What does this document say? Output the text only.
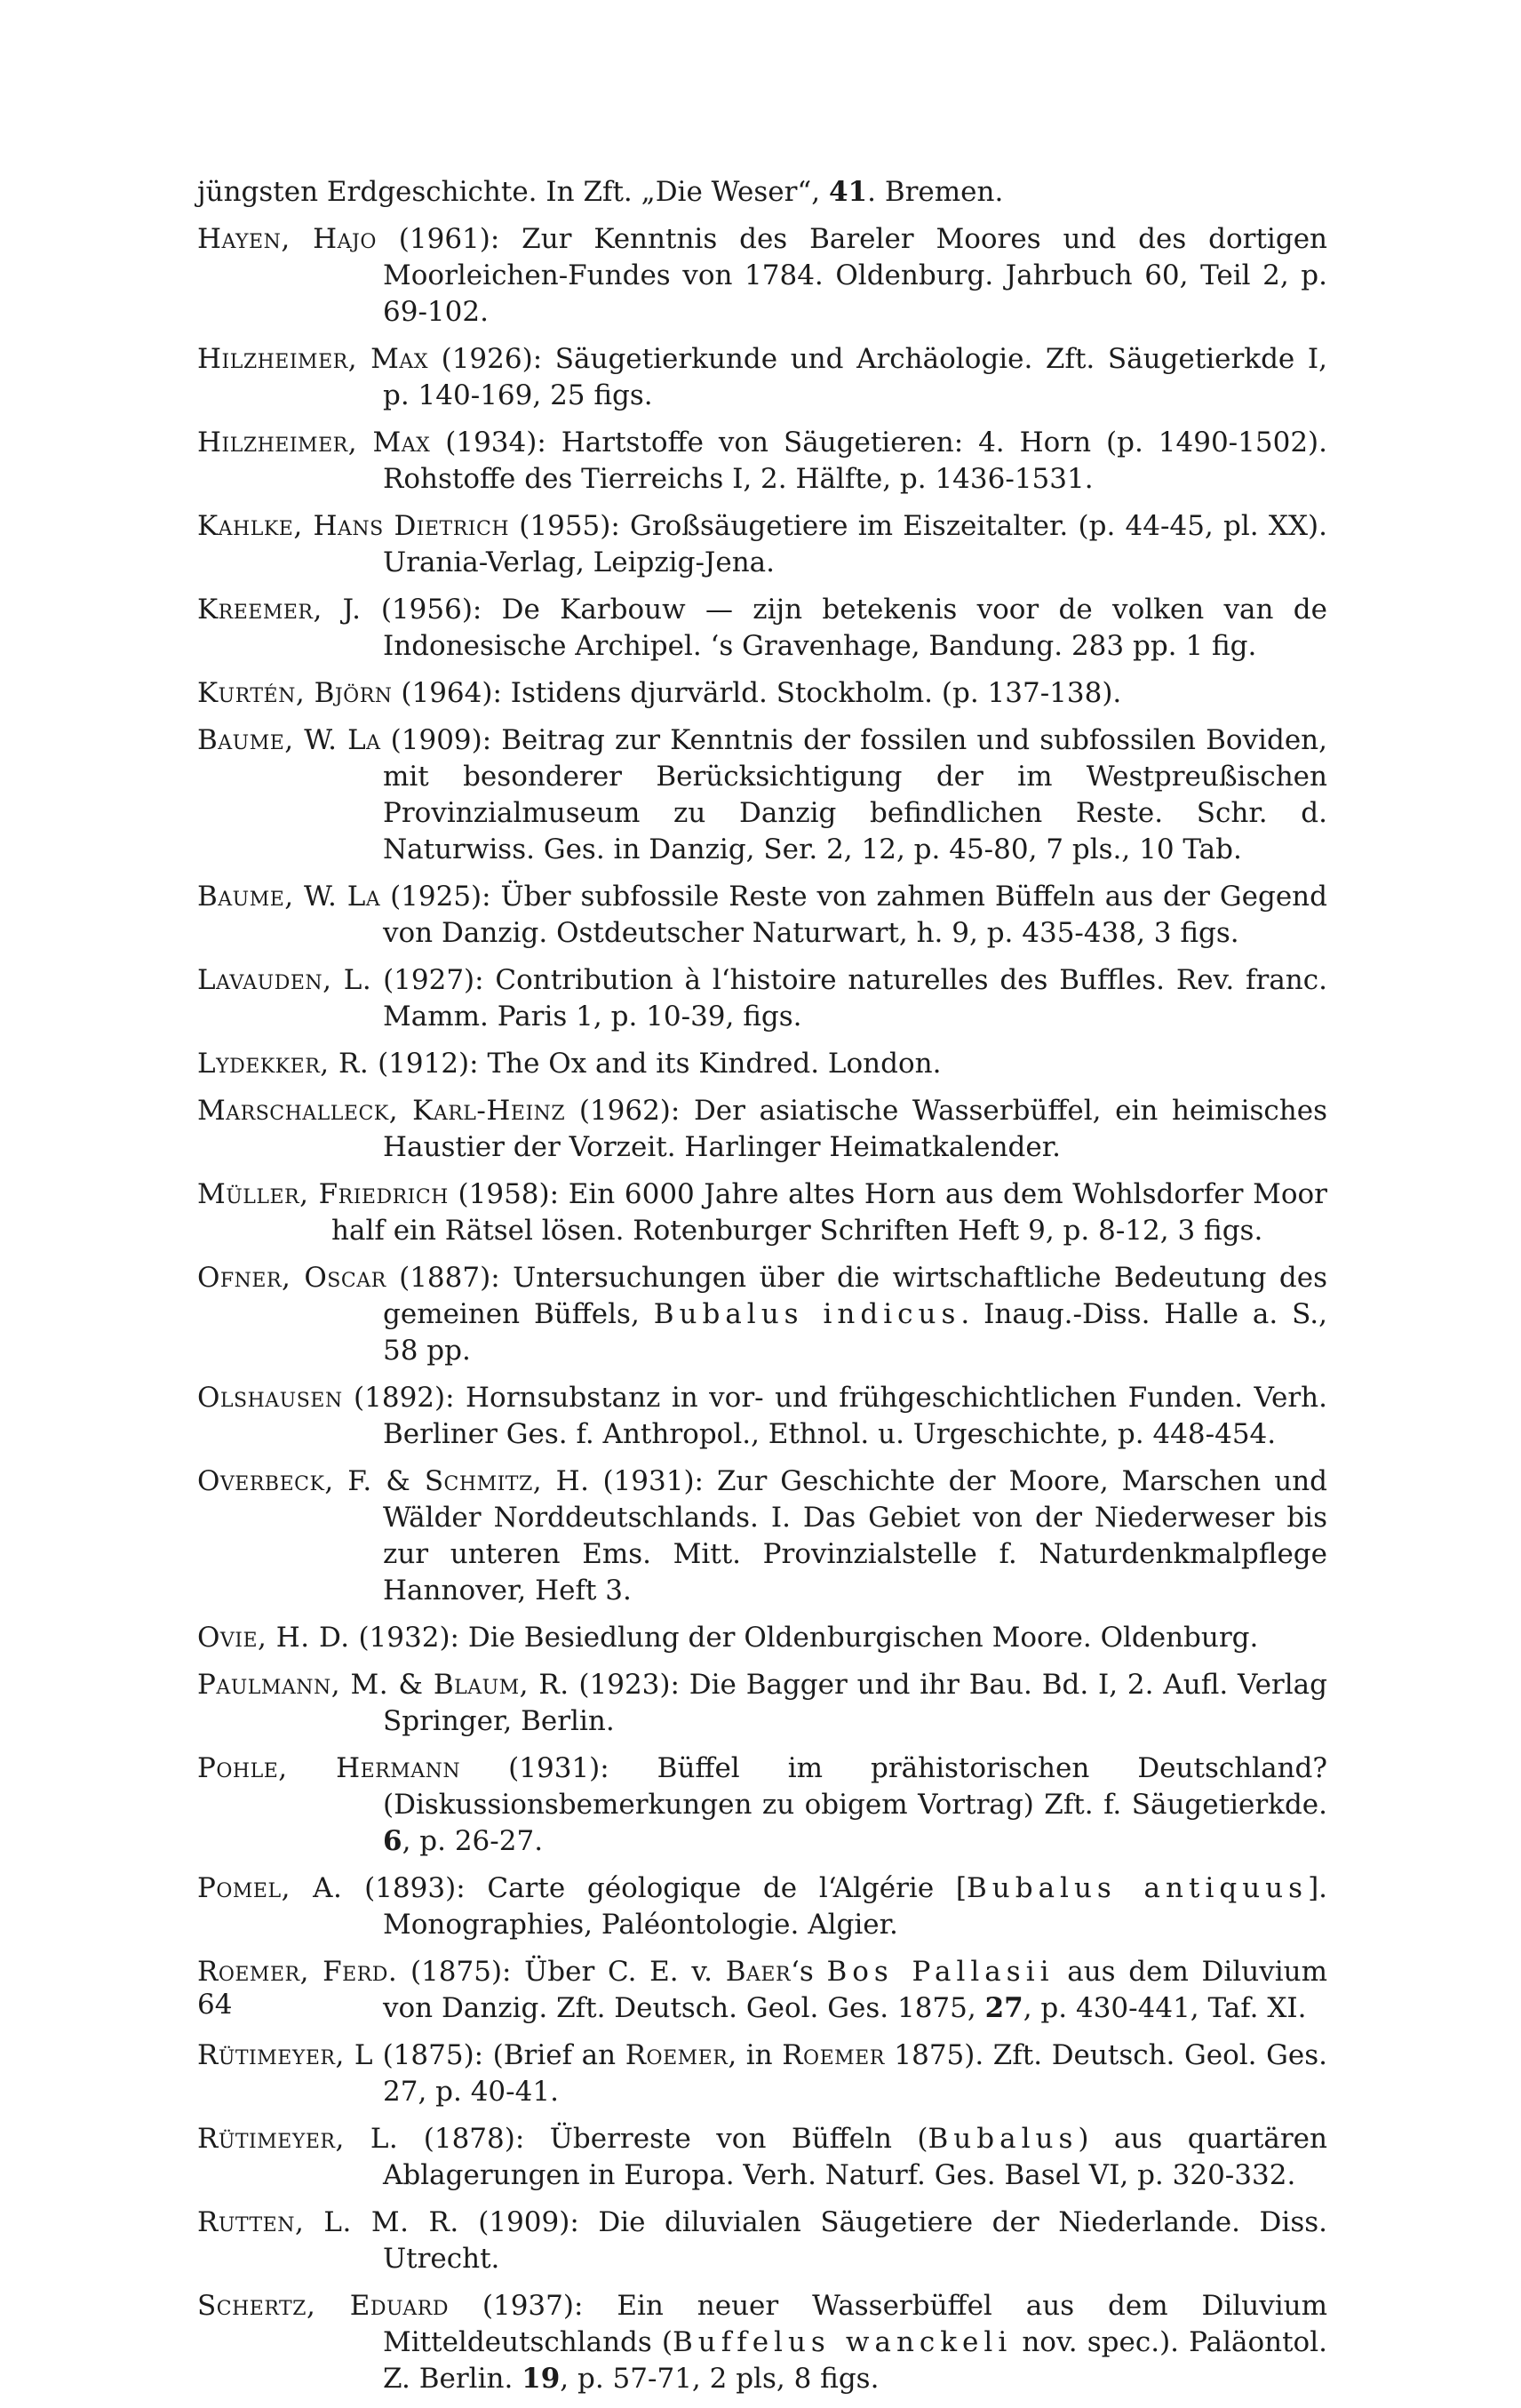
jüngsten Erdgeschichte. In Zft. „Die Weser“, 41. Bremen.
Hayen, Hajo (1961): Zur Kenntnis des Bareler Moores und des dortigen Moorleichen-Fundes von 1784. Oldenburg. Jahrbuch 60, Teil 2, p. 69-102.
Hilzheimer, Max (1926): Säugetierkunde und Archäologie. Zft. Säugetierkde I, p. 140-169, 25 figs.
Hilzheimer, Max (1934): Hartstoffe von Säugetieren: 4. Horn (p. 1490-1502). Rohstoffe des Tierreichs I, 2. Hälfte, p. 1436-1531.
Kahlke, Hans Dietrich (1955): Großsäugetiere im Eiszeitalter. (p. 44-45, pl. XX). Urania-Verlag, Leipzig-Jena.
Kreemer, J. (1956): De Karbouw — zijn betekenis voor de volken van de Indonesische Archipel. ‘s Gravenhage, Bandung. 283 pp. 1 fig.
Kurtén, Björn (1964): Istidens djurvärld. Stockholm. (p. 137-138).
Baume, W. La (1909): Beitrag zur Kenntnis der fossilen und subfossilen Boviden, mit besonderer Berücksichtigung der im Westpreußischen Provinzialmuseum zu Danzig befindlichen Reste. Schr. d. Naturwiss. Ges. in Danzig, Ser. 2, 12, p. 45-80, 7 pls., 10 Tab.
Baume, W. La (1925): Über subfossile Reste von zahmen Büffeln aus der Gegend von Danzig. Ostdeutscher Naturwart, h. 9, p. 435-438, 3 figs.
Lavauden, L. (1927): Contribution à l‘histoire naturelles des Buffles. Rev. franc. Mamm. Paris 1, p. 10-39, figs.
Lydekker, R. (1912): The Ox and its Kindred. London.
Marschalleck, Karl-Heinz (1962): Der asiatische Wasserbüffel, ein heimisches Haustier der Vorzeit. Harlinger Heimatkalender.
Müller, Friedrich (1958): Ein 6000 Jahre altes Horn aus dem Wohlsdorfer Moor half ein Rätsel lösen. Rotenburger Schriften Heft 9, p. 8-12, 3 figs.
Ofner, Oscar (1887): Untersuchungen über die wirtschaftliche Bedeutung des gemeinen Büffels, Bubalus indicus. Inaug.-Diss. Halle a. S., 58 pp.
Olshausen (1892): Hornsubstanz in vor- und frühgeschichtlichen Funden. Verh. Berliner Ges. f. Anthropol., Ethnol. u. Urgeschichte, p. 448-454.
Overbeck, F. & Schmitz, H. (1931): Zur Geschichte der Moore, Marschen und Wälder Norddeutschlands. I. Das Gebiet von der Niederweser bis zur unteren Ems. Mitt. Provinzialstelle f. Naturdenkmalpflege Hannover, Heft 3.
Ovie, H. D. (1932): Die Besiedlung der Oldenburgischen Moore. Oldenburg.
Paulmann, M. & Blaum, R. (1923): Die Bagger und ihr Bau. Bd. I, 2. Aufl. Verlag Springer, Berlin.
Pohle, Hermann (1931): Büffel im prähistorischen Deutschland? (Diskussionsbemerkungen zu obigem Vortrag) Zft. f. Säugetierkde. 6, p. 26-27.
Pomel, A. (1893): Carte géologique de l‘Algérie [Bubalus antiquus]. Monographies, Paléontologie. Algier.
Roemer, Ferd. (1875): Über C. E. v. Baer‘s Bos Pallasii aus dem Diluvium von Danzig. Zft. Deutsch. Geol. Ges. 1875, 27, p. 430-441, Taf. XI.
Rütimeyer, L (1875): (Brief an Roemer, in Roemer 1875). Zft. Deutsch. Geol. Ges. 27, p. 40-41.
Rütimeyer, L. (1878): Überreste von Büffeln (Bubalus) aus quartären Ablagerungen in Europa. Verh. Naturf. Ges. Basel VI, p. 320-332.
Rutten, L. M. R. (1909): Die diluvialen Säugetiere der Niederlande. Diss. Utrecht.
Schertz, Eduard (1937): Ein neuer Wasserbüffel aus dem Diluvium Mitteldeutschlands (Buffelus wanckeli nov. spec.). Paläontol. Z. Berlin. 19, p. 57-71, 2 pls, 8 figs.
64
